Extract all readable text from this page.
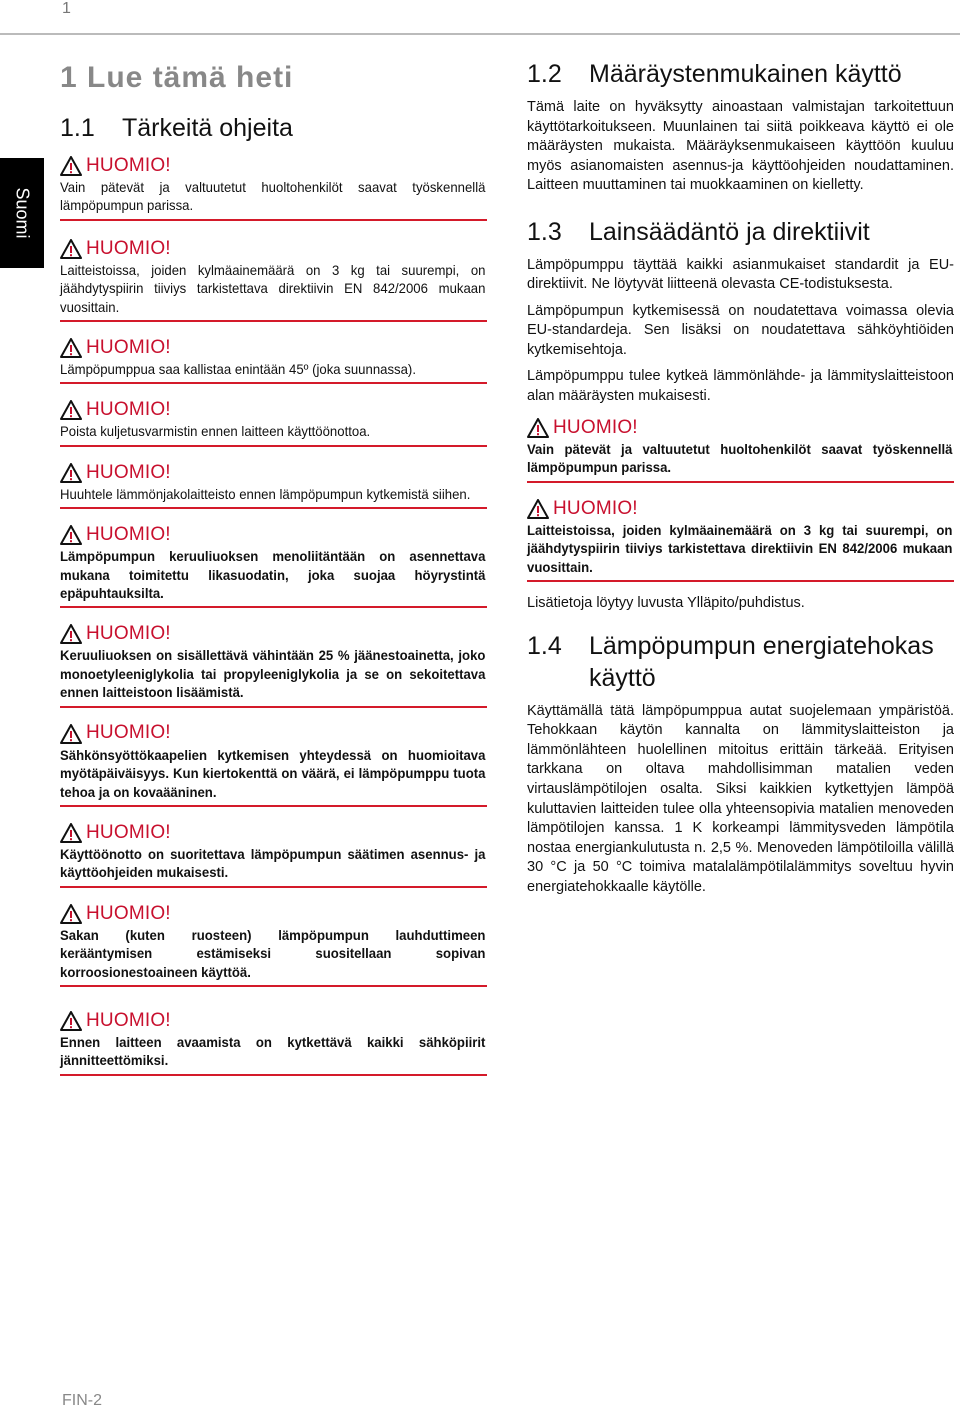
1
Suomi
1 Lue tämä heti
1.1 Tärkeitä ohjeita
HUOMIO!
Vain pätevät ja valtuutetut huoltohenkilöt saavat työskennellä lämpöpumpun parissa.
HUOMIO!
Laitteistoissa, joiden kylmäainemäärä on 3 kg tai suurempi, on jäähdytyspiirin tiiviys tarkistettava direktiivin EN 842/2006 mukaan vuosittain.
HUOMIO!
Lämpöpumppua saa kallistaa enintään 45º (joka suunnassa).
HUOMIO!
Poista kuljetusvarmistin ennen laitteen käyttöönottoa.
HUOMIO!
Huuhtele lämmönjakolaitteisto ennen lämpöpumpun kytkemistä siihen.
HUOMIO!
Lämpöpumpun keruuliuoksen menoliitäntään on asennettava mukana toimitettu likasuodatin, joka suojaa höyrystintä epäpuhtauksilta.
HUOMIO!
Keruuliuoksen on sisällettävä vähintään 25 % jäänestoainetta, joko monoetyleeniglykolia tai propyleeniglykolia ja se on sekoitettava ennen laitteistoon lisäämistä.
HUOMIO!
Sähkönsyöttökaapelien kytkemisen yhteydessä on huomioitava myötäpäiväisyys. Kun kiertokenttä on väärä, ei lämpöpumppu tuota tehoa ja on kovaääninen.
HUOMIO!
Käyttöönotto on suoritettava lämpöpumpun säätimen asennus- ja käyttöohjeiden mukaisesti.
HUOMIO!
Sakan (kuten ruosteen) lämpöpumpun lauhduttimeen kerääntymisen estämiseksi suositellaan sopivan korroosionestoaineen käyttöä.
HUOMIO!
Ennen laitteen avaamista on kytkettävä kaikki sähköpiirit jännitteettömiksi.
1.2 Määräystenmukainen käyttö

Tämä laite on hyväksytty ainoastaan valmistajan tarkoitettuun käyttötarkoitukseen. Muunlainen tai siitä poikkeava käyttö ei ole määräysten mukaista. Määräyksenmukaiseen käyttöön kuuluu myös asianomaisten asennus-ja käyttöohjeiden noudattaminen. Laitteen muuttaminen tai muokkaaminen on kielletty.

1.3 Lainsäädäntö ja direktiivit

Lämpöpumppu täyttää kaikki asianmukaiset standardit ja EU-direktiivit. Ne löytyvät liitteenä olevasta CE-todistuksesta.

Lämpöpumpun kytkemisessä on noudatettava voimassa olevia EU-standardeja. Sen lisäksi on noudatettava sähköyhtiöiden kytkemisehtoja.

Lämpöpumppu tulee kytkeä lämmönlähde- ja lämmityslaitteistoon alan määräysten mukaisesti.

HUOMIO!
Vain pätevät ja valtuutetut huoltohenkilöt saavat työskennellä lämpöpumpun parissa.
HUOMIO!
Laitteistoissa, joiden kylmäainemäärä on 3 kg tai suurempi, on jäähdytyspiirin tiiviys tarkistettava direktiivin EN 842/2006 mukaan vuosittain.

Lisätietoja löytyy luvusta Ylläpito/puhdistus.

1.4 Lämpöpumpun energiatehokas
käyttö

Käyttämällä tätä lämpöpumppua autat suojelemaan ympäristöä. Tehokkaan käytön kannalta on lämmityslaitteiston ja lämmönlähteen huolellinen mitoitus erittäin tärkeää. Erityisen tarkkana on oltava mahdollisimman matalien veden virtauslämpötilojen osalta. Siksi kaikkien kytkettyjen lämpöä kuluttavien laitteiden tulee olla yhteensopivia matalien menoveden lämpötilojen kanssa. 1 K korkeampi lämmitysveden lämpötila nostaa energiankulutusta n. 2,5 %. Menoveden lämpötiloilla välillä 30 °C ja 50 °C toimiva matalalämpötilalämmitys soveltuu hyvin energiatehokkaalle käytölle.

FIN-2
